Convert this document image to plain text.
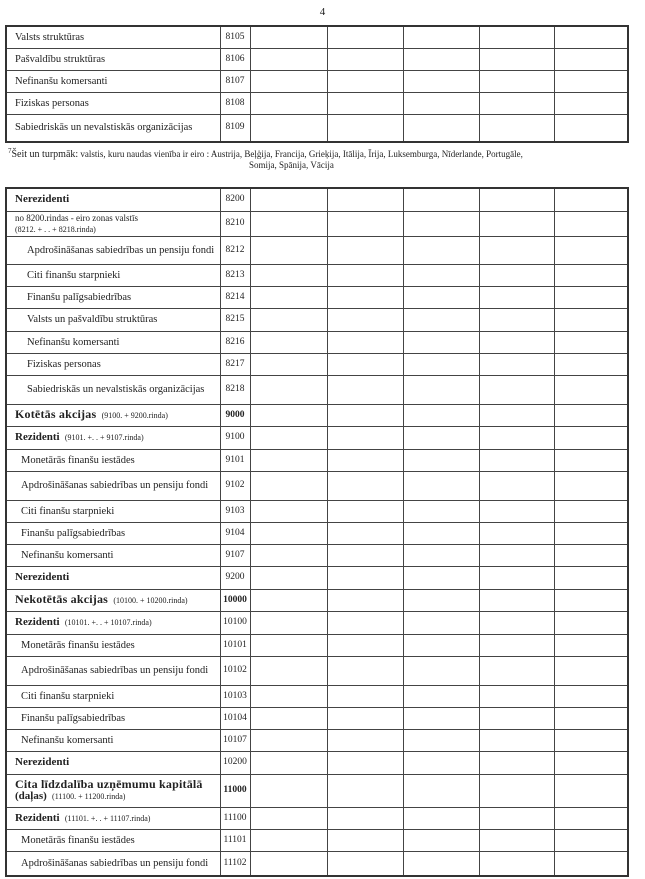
4
Valsts struktūras	8105					
Pašvaldību struktūras	8106					
Nefinanšu komersanti	8107					
Fiziskas personas	8108					
Sabiedriskās un nevalstiskās organizācijas	8109					
$^7$Šeit un turpmāk: valstis, kuru naudas vienība ir eiro : Austrija, Beļģija, Francija, Grieķija, Itālija, Īrija, Luksemburga, Nīderlande, Portugāle,
Somija, Spānija, Vācija
Nerezidenti	8200					
no 8200.rindas - eiro zonas valstīs
(8212. + . . + 8218.rinda)	8210					
Apdrošināšanas sabiedrības un pensiju fondi	8212					
Citi finanšu starpnieki	8213					
Finanšu palīgsabiedrības	8214					
Valsts un pašvaldību struktūras	8215					
Nefinanšu komersanti	8216					
Fiziskas personas	8217					
Sabiedriskās un nevalstiskās organizācijas	8218					
Kotētās akcijas (9100. + 9200.rinda)	9000					
Rezidenti (9101. +. . + 9107.rinda)	9100					
Monetārās finanšu iestādes	9101					
Apdrošināšanas sabiedrības un pensiju fondi	9102					
Citi finanšu starpnieki	9103					
Finanšu palīgsabiedrības	9104					
Nefinanšu komersanti	9107					
Nerezidenti	9200					
Nekotētās akcijas (10100. + 10200.rinda)	10000					
Rezidenti (10101. +. . + 10107.rinda)	10100					
Monetārās finanšu iestādes	10101					
Apdrošināšanas sabiedrības un pensiju fondi	10102					
Citi finanšu starpnieki	10103					
Finanšu palīgsabiedrības	10104					
Nefinanšu komersanti	10107					
Nerezidenti	10200					
Cita līdzdalība uzņēmumu kapitālā
(daļas) (11100. + 11200.rinda)	11000					
Rezidenti (11101. +. . + 11107.rinda)	11100					
Monetārās finanšu iestādes	11101					
Apdrošināšanas sabiedrības un pensiju fondi	11102					
